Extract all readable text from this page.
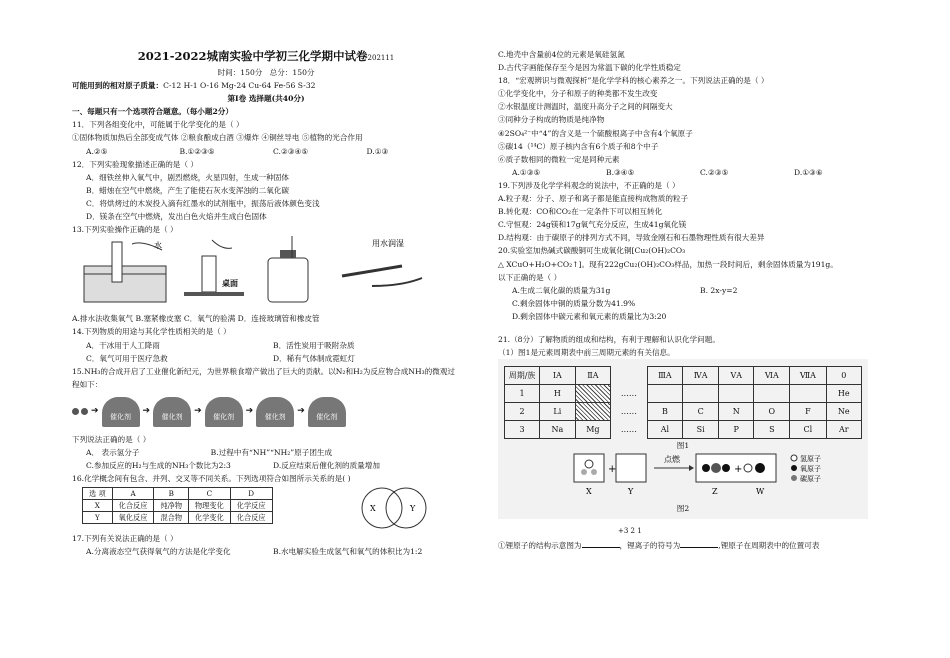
2021-2022城南实验中学初三化学期中试卷202111
时间：150分 总分：150分
可能用到的相对原子质量：C-12 H-1 O-16 Mg-24 Cu-64 Fe-56 S-32
第Ⅰ卷 选择题(共40分)
一、每题只有一个选项符合题意。（每小题2分）
11．下列各组变化中，可能属于化学变化的是（ ）
①固体物质加热后全部变成气体 ②粮食酿成白酒 ③爆炸 ④铜丝导电 ⑤植物的光合作用
A.②⑤	B.①②③⑤	C.②③④⑤	D.①③
12．下列实验现象描述正确的是（ ）
A．细铁丝伸入氧气中，剧烈燃烧，火星四射，生成一种固体
B．蜡烛在空气中燃烧，产生了能使石灰水变浑浊的二氧化碳
C．将烘烤过的木炭投入滴有红墨水的试剂瓶中，振荡后液体颜色变浅
D．镁条在空气中燃烧，发出白色火焰并生成白色固体
13.下列实验操作正确的是（ ）
水
桌面
用水润湿
A.排水法收集氧气 B.塞紧橡皮塞 C．氧气的验满 D．连接玻璃管和橡皮管
14.下列物质的用途与其化学性质相关的是（ ）
A．干冰用于人工降雨	B．活性炭用于吸附杂质
C．氧气可用于医疗急救	D．稀有气体制成霓虹灯
15.NH₃的合成开启了工业催化新纪元，为世界粮食增产做出了巨大的贡献。以N₂和H₂为反应物合成NH₃的微观过程如下：
➔
催化剂
➔
催化剂
➔
催化剂
➔
催化剂
➔
催化剂
下列说法正确的是（ ）
A． 表示氢分子	B.过程中有“NH”“NH₂”原子团生成
C.参加反应的H₂与生成的NH₃个数比为2:3	D.反应结束后催化剂的质量增加
16.化学概念间有包含、并列、交叉等不同关系。下列选项符合如图所示关系的是( )
选 项	A	B	C	D
X	化合反应	纯净物	物理变化	化学反应
Y	氧化反应	混合物	化学变化	化合反应
X	Y
17.下列有关说法正确的是（ ）
A.分离液态空气获得氧气的方法是化学变化	B.水电解实验生成氢气和氧气的体积比为1:2
C.地壳中含量前4位的元素是氧硅氢氮
D.古代字画能保存至今是因为常温下碳的化学性质稳定
18．“宏观辨识与微观探析”是化学学科的核心素养之一。下列说法正确的是（ ）
①化学变化中，分子和原子的种类都不发生改变
②水银温度计测温时，温度升高分子之间的间隔变大
③同种分子构成的物质是纯净物
④2SO₄²⁻中“4”的含义是一个硫酸根离子中含有4个氧原子
⑤碳14（¹⁴C）原子核内含有6个质子和8个中子
⑥质子数相同的微粒一定是同种元素
A.①③⑤	B.③④⑤	C.②③⑤	D.①③⑥
19.下列涉及化学学科观念的说法中，不正确的是（ ）
A.粒子观：分子、原子和离子都是能直接构成物质的粒子
B.转化观：CO和CO₂在一定条件下可以相互转化
C.守恒观：24g镁和17g氧气充分反应，生成41g氧化镁
D.结构观：由于碳原子的排列方式不同，导致金刚石和石墨物理性质有很大差异
20.实验室加热碱式碳酸铜可生成氧化铜[Cu₂(OH)₂CO₃
△ XCuO+H₂O+CO₂↑]。现有222gCu₂(OH)₂CO₃样品，加热一段时间后，剩余固体质量为191g。
以下正确的是（ ）
A.生成二氧化碳的质量为31g	B. 2x-y=2
C.剩余固体中铜的质量分数为41.9%
D.剩余固体中碳元素和氧元素的质量比为3:20
21.（8分）了解物质的组成和结构，有利于理解和认识化学问题。
（1）图1是元素周期表中前三周期元素的有关信息。
周期/族	ⅠA	ⅡA		ⅢA	ⅣA	ⅤA	ⅥA	ⅦA	0
1	H		……						He
2	Li		……	B	C	N	O	F	Ne
3	Na	Mg	……	Al	Si	P	S	Cl	Ar
图1
+
点燃
+
氢原子
氧原子
碳原子
X	Y	Z	W
图2
+3 2 1
①锂原子的结构示意图为	，锂离子的符号为	,锂原子在周期表中的位置可表
